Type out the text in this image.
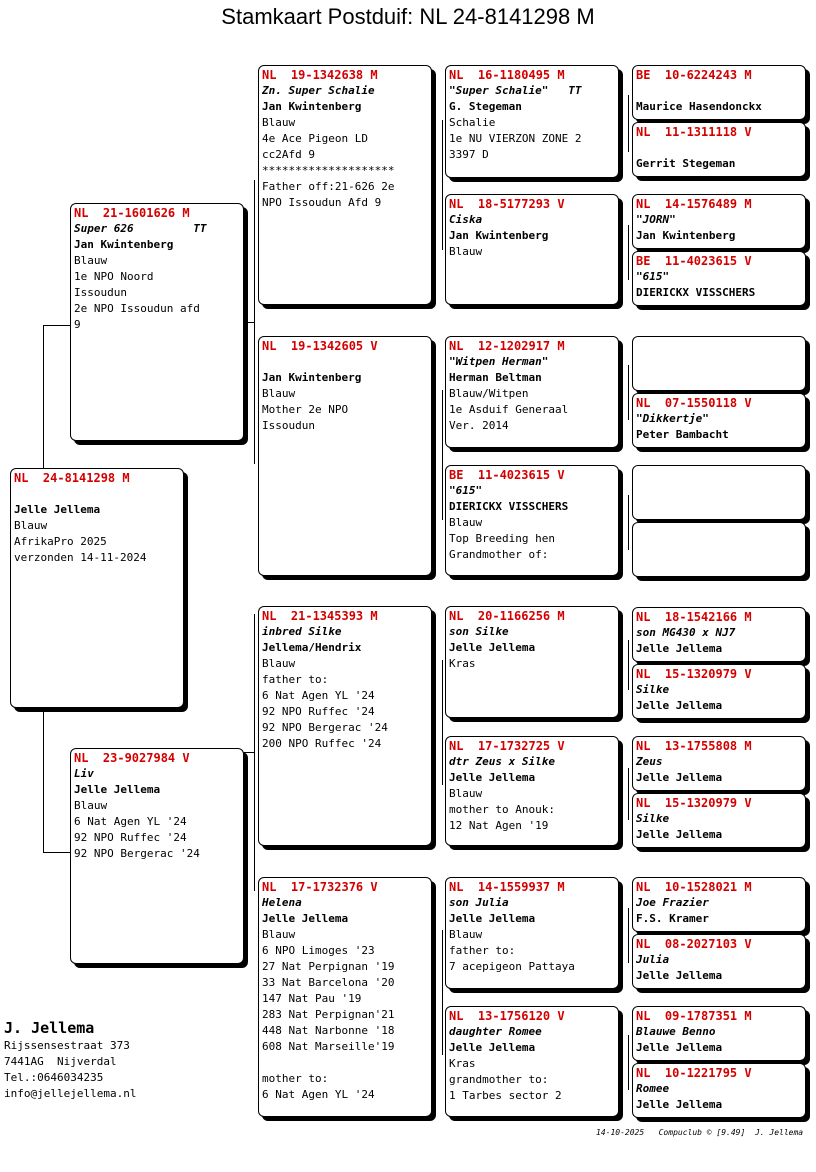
Stamkaart Postduif: NL 24-8141298 M
NL  24-8141298 M
Jelle Jellema
Blauw
AfrikaPro 2025
verzonden 14-11-2024
NL  21-1601626 M
Super 626         TT
Jan Kwintenberg
Blauw
1e NPO Noord
Issoudun
2e NPO Issoudun afd
9
NL  23-9027984 V
Liv
Jelle Jellema
Blauw
6 Nat Agen YL '24
92 NPO Ruffec '24
92 NPO Bergerac '24
NL  19-1342638 M
Zn. Super Schalie
Jan Kwintenberg
Blauw
4e Ace Pigeon LD
cc2Afd 9
********************
Father off:21-626 2e
NPO Issoudun Afd 9
NL  19-1342605 V
Jan Kwintenberg
Blauw
Mother 2e NPO
Issoudun
NL  21-1345393 M
inbred Silke
Jellema/Hendrix
Blauw
father to:
6 Nat Agen YL '24
92 NPO Ruffec '24
92 NPO Bergerac '24
200 NPO Ruffec '24
NL  17-1732376 V
Helena
Jelle Jellema
Blauw
6 NPO Limoges '23
27 Nat Perpignan '19
33 Nat Barcelona '20
147 Nat Pau '19
283 Nat Perpignan'21
448 Nat Narbonne '18
608 Nat Marseille'19
mother to:
6 Nat Agen YL '24
NL  16-1180495 M
"Super Schalie"   TT
G. Stegeman
Schalie
1e NU VIERZON ZONE 2
3397 D
NL  18-5177293 V
Ciska
Jan Kwintenberg
Blauw
NL  12-1202917 M
"Witpen Herman"
Herman Beltman
Blauw/Witpen
1e Asduif Generaal
Ver. 2014
BE  11-4023615 V
"615"
DIERICKX VISSCHERS
Blauw
Top Breeding hen
Grandmother of:
NL  20-1166256 M
son Silke
Jelle Jellema
Kras
NL  17-1732725 V
dtr Zeus x Silke
Jelle Jellema
Blauw
mother to Anouk:
12 Nat Agen '19
NL  14-1559937 M
son Julia
Jelle Jellema
Blauw
father to:
7 acepigeon Pattaya
NL  13-1756120 V
daughter Romee
Jelle Jellema
Kras
grandmother to:
1 Tarbes sector 2
BE  10-6224243 M
Maurice Hasendonckx
NL  11-1311118 V
Gerrit Stegeman
NL  14-1576489 M
"JORN"
Jan Kwintenberg
BE  11-4023615 V
"615"
DIERICKX VISSCHERS
NL  07-1550118 V
"Dikkertje"
Peter Bambacht
NL  18-1542166 M
son MG430 x NJ7
Jelle Jellema
NL  15-1320979 V
Silke
Jelle Jellema
NL  13-1755808 M
Zeus
Jelle Jellema
NL  15-1320979 V
Silke
Jelle Jellema
NL  10-1528021 M
Joe Frazier
F.S. Kramer
NL  08-2027103 V
Julia
Jelle Jellema
NL  09-1787351 M
Blauwe Benno
Jelle Jellema
NL  10-1221795 V
Romee
Jelle Jellema
J. Jellema
Rijssensestraat 373
7441AG  Nijverdal
Tel.:0646034235
info@jellejellema.nl
14-10-2025   Compuclub © [9.49]  J. Jellema
